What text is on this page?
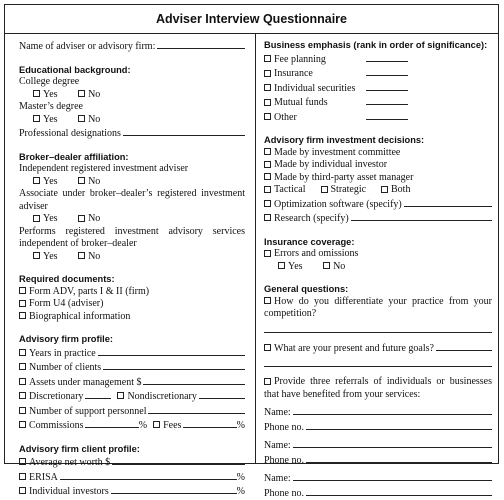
Adviser Interview Questionnaire
Name of adviser or advisory firm:
Educational background:
College degree
Yes	No
Master’s degree
Yes	No
Professional designations
Broker–dealer affiliation:
Independent registered investment adviser
Yes	No
Associate under broker–dealer’s registered investment adviser
Yes	No
Performs registered investment advisory services independent of broker–dealer
Yes	No
Required documents:
Form ADV, parts I & II (firm)
Form U4 (adviser)
Biographical information
Advisory firm profile:
Years in practice
Number of clients
Assets under management $
Discretionary	Nondiscretionary
Number of support personnel
Commissions	% Fees	%
Advisory firm client profile:
Average net worth $
ERISA	%
Individual investors	%
Business emphasis (rank in order of significance):
Fee planning
Insurance
Individual securities
Mutual funds
Other
Advisory firm investment decisions:
Made by investment committee
Made by individual investor
Made by third-party asset manager
Tactical	Strategic Both
Optimization software (specify)
Research (specify)
Insurance coverage:
Errors and omissions
Yes	No
General questions:
How do you differentiate your practice from your competition?
What are your present and future goals?
Provide three referrals of individuals or businesses that have benefited from your services:
Name:
Phone no.
Name:
Phone no.
Name:
Phone no.
